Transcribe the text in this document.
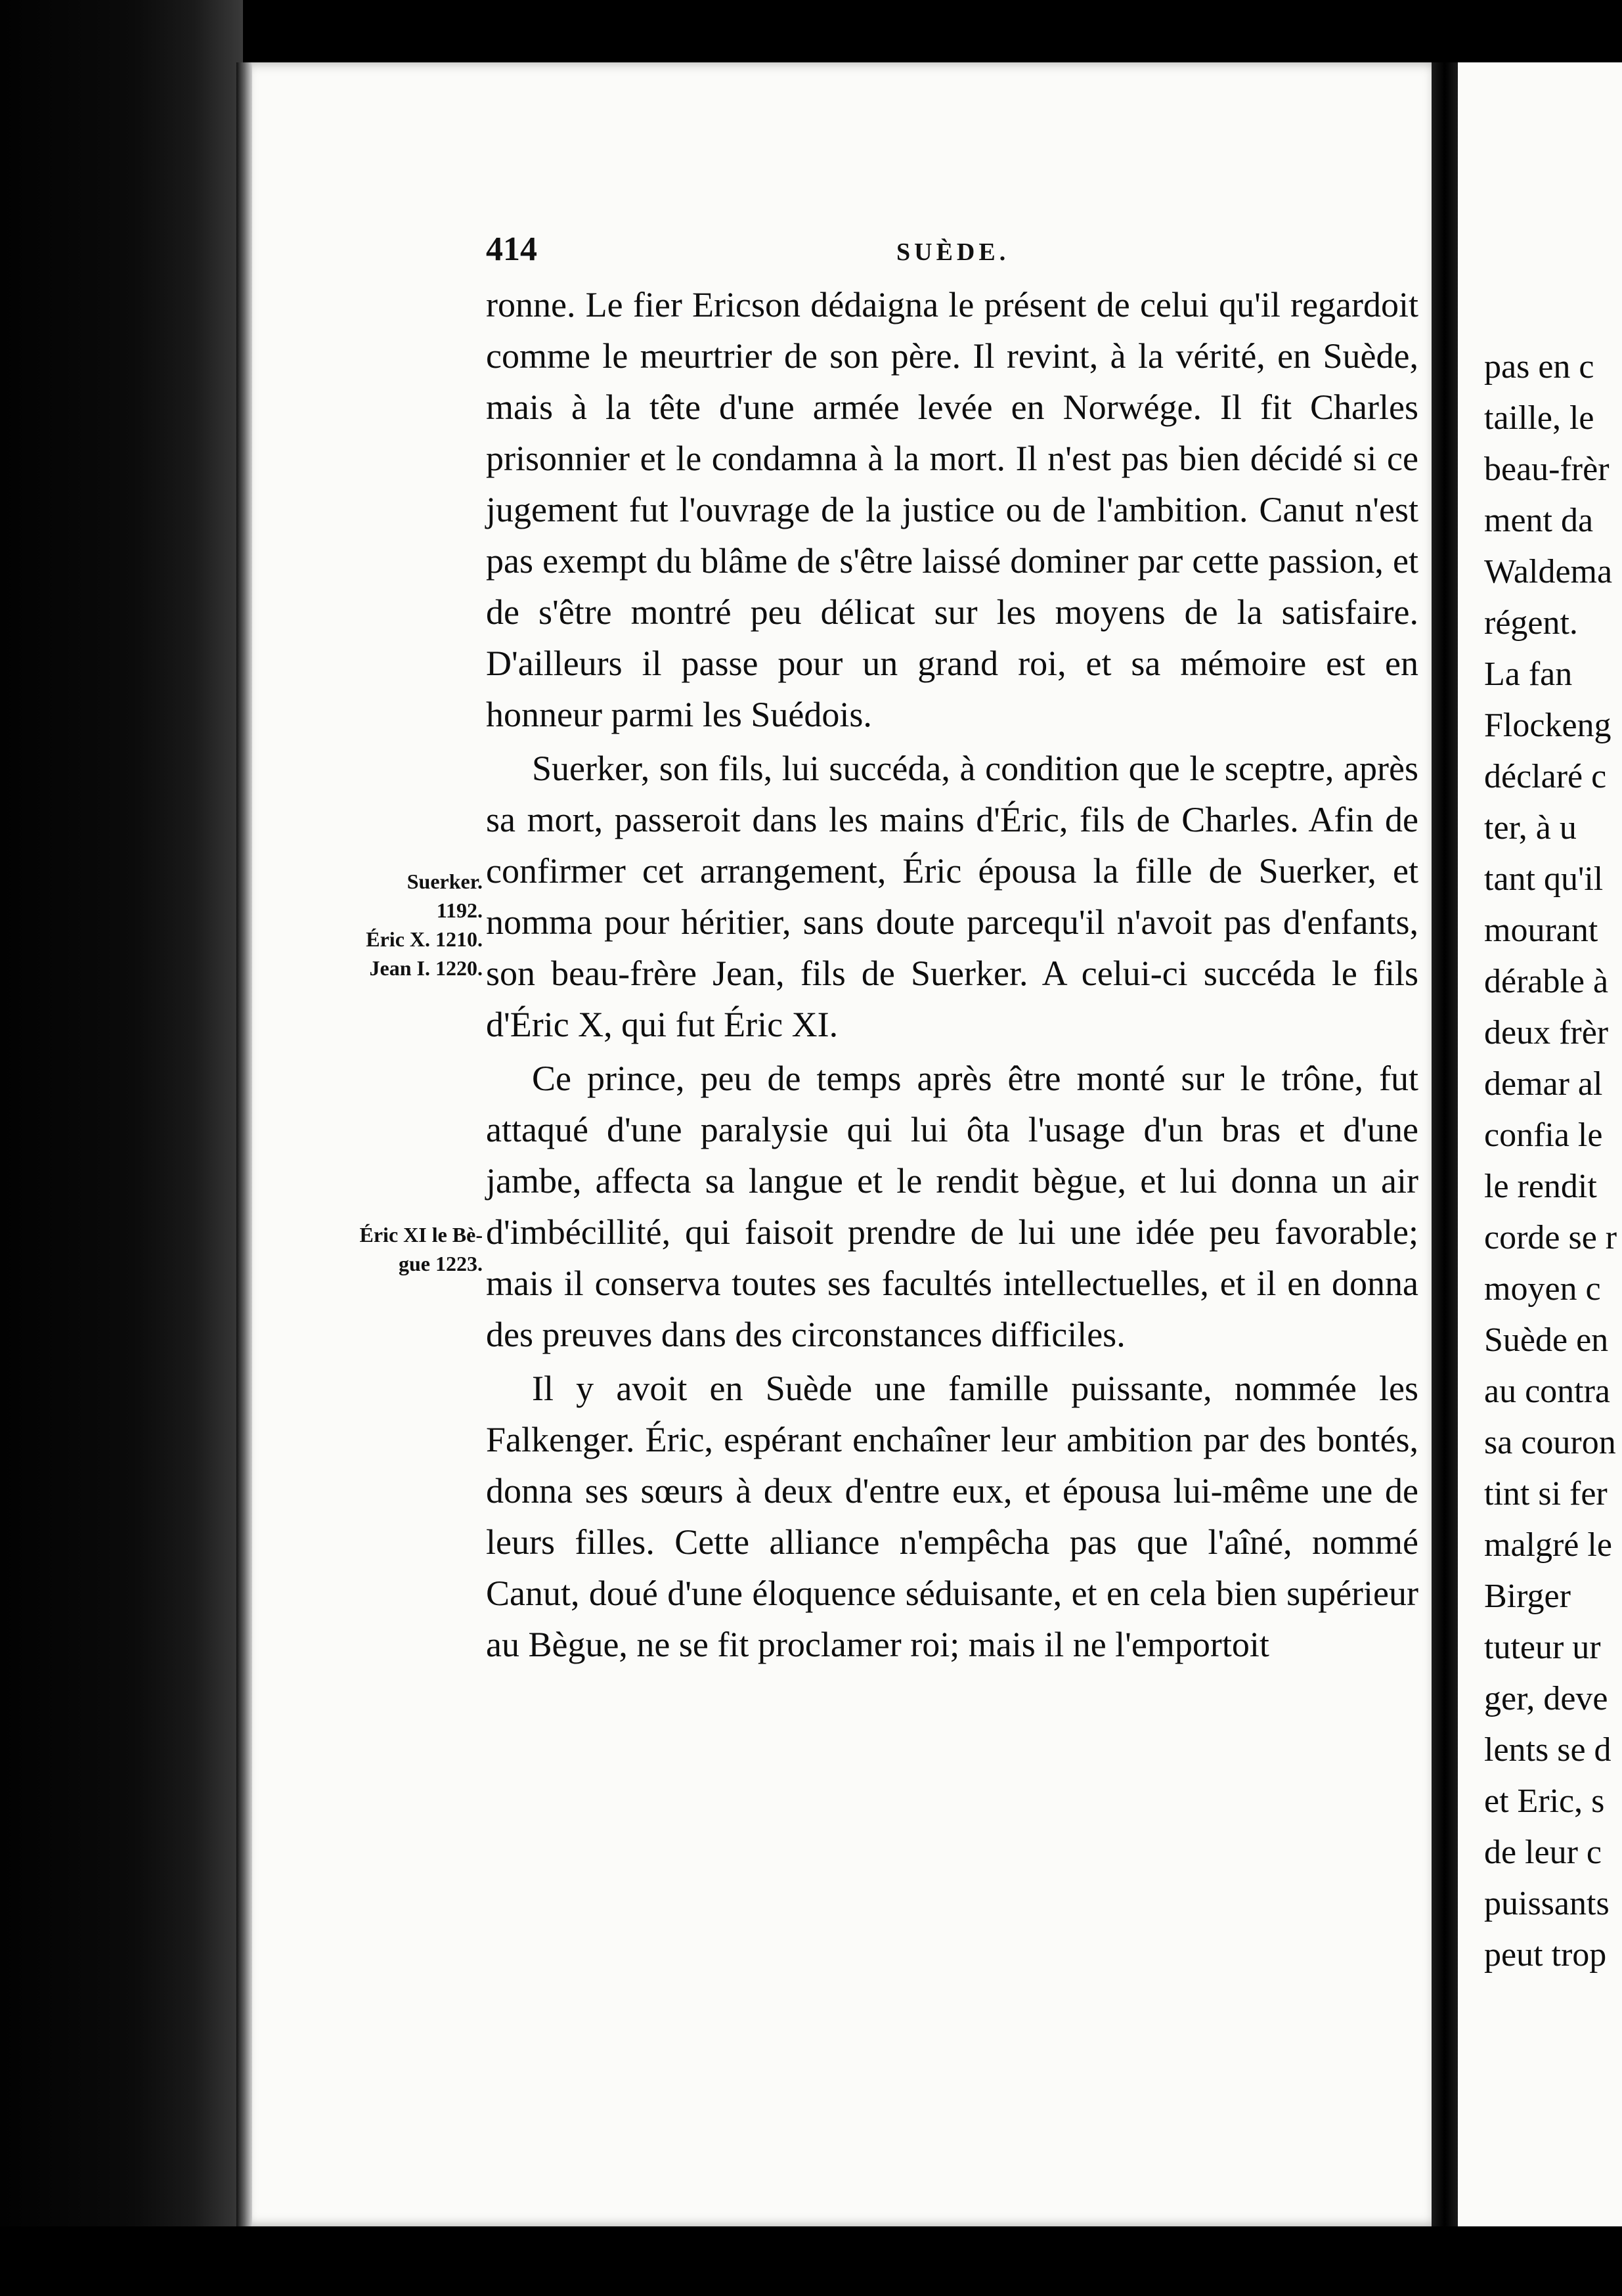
414	SUÈDE.
Suerker.
1192.
Éric X. 1210.
Jean I. 1220.
Éric XI le Bè-
gue 1223.

ronne. Le fier Ericson dédaigna le présent de celui qu'il regardoit comme le meurtrier de son père. Il revint, à la vérité, en Suède, mais à la tête d'une armée levée en Norwége. Il fit Charles prisonnier et le condamna à la mort. Il n'est pas bien décidé si ce jugement fut l'ouvrage de la justice ou de l'ambition. Canut n'est pas exempt du blâme de s'être laissé dominer par cette passion, et de s'être montré peu délicat sur les moyens de la satisfaire. D'ailleurs il passe pour un grand roi, et sa mémoire est en honneur parmi les Suédois.

Suerker, son fils, lui succéda, à condition que le sceptre, après sa mort, passeroit dans les mains d'Éric, fils de Charles. Afin de confirmer cet arrangement, Éric épousa la fille de Suerker, et nomma pour héritier, sans doute parcequ'il n'avoit pas d'enfants, son beau-frère Jean, fils de Suerker. A celui-ci succéda le fils d'Éric X, qui fut Éric XI.

Ce prince, peu de temps après être monté sur le trône, fut attaqué d'une paralysie qui lui ôta l'usage d'un bras et d'une jambe, affecta sa langue et le rendit bègue, et lui donna un air d'imbécillité, qui faisoit prendre de lui une idée peu favorable; mais il conserva toutes ses facultés intellectuelles, et il en donna des preuves dans des circonstances difficiles.

Il y avoit en Suède une famille puissante, nommée les Falkenger. Éric, espérant enchaîner leur ambition par des bontés, donna ses sœurs à deux d'entre eux, et épousa lui-même une de leurs filles. Cette alliance n'empêcha pas que l'aîné, nommé Canut, doué d'une éloquence séduisante, et en cela bien supérieur au Bègue, ne se fit proclamer roi; mais il ne l'emportoit

pas en c
taille, le
beau-frèr
ment da
Waldema
régent.
La fan
Flockeng
déclaré c
ter, à u
tant qu'il
mourant
dérable à
deux frèr
demar al
confia le
le rendit
corde se r
moyen c
Suède en
au contra
sa couron
tint si fer
malgré le
Birger
tuteur ur
ger, deve
lents se d
et Eric, s
de leur c
puissants
peut trop
